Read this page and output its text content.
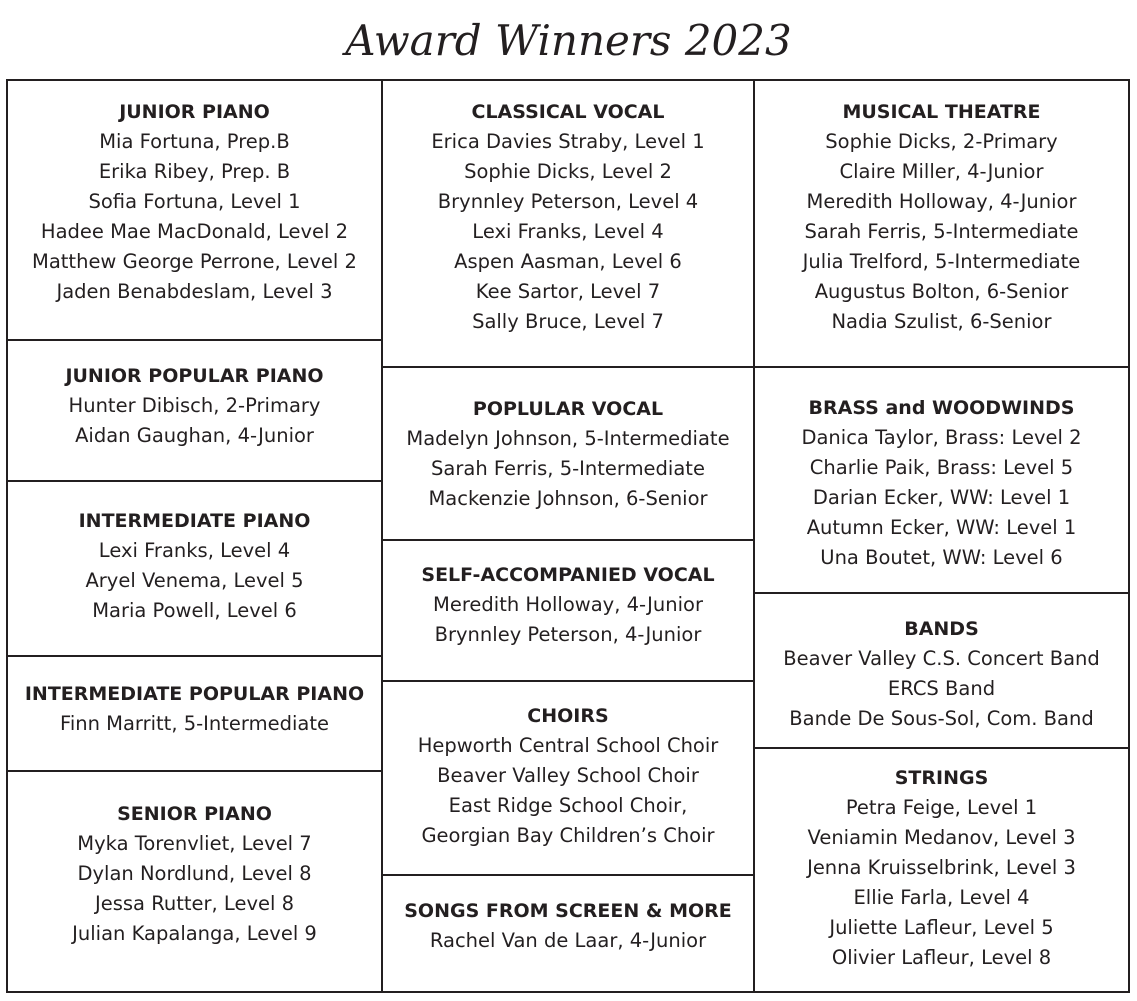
Award Winners 2023
JUNIOR PIANO
Mia Fortuna, Prep.B
Erika Ribey, Prep. B
Sofia Fortuna, Level 1
Hadee Mae MacDonald, Level 2
Matthew George Perrone, Level 2
Jaden Benabdeslam, Level 3
JUNIOR POPULAR PIANO
Hunter Dibisch, 2-Primary
Aidan Gaughan, 4-Junior
INTERMEDIATE PIANO
Lexi Franks, Level 4
Aryel Venema, Level 5
Maria Powell, Level 6
INTERMEDIATE POPULAR PIANO
Finn Marritt, 5-Intermediate
SENIOR PIANO
Myka Torenvliet, Level 7
Dylan Nordlund, Level 8
Jessa Rutter, Level 8
Julian Kapalanga, Level 9
CLASSICAL VOCAL
Erica Davies Straby, Level 1
Sophie Dicks, Level 2
Brynnley Peterson, Level 4
Lexi Franks, Level 4
Aspen Aasman, Level 6
Kee Sartor, Level 7
Sally Bruce, Level 7
POPLULAR VOCAL
Madelyn Johnson, 5-Intermediate
Sarah Ferris, 5-Intermediate
Mackenzie Johnson, 6-Senior
SELF-ACCOMPANIED VOCAL
Meredith Holloway, 4-Junior
Brynnley Peterson, 4-Junior
CHOIRS
Hepworth Central School Choir
Beaver Valley School Choir
East Ridge School Choir,
Georgian Bay Children’s Choir
SONGS FROM SCREEN & MORE
Rachel Van de Laar, 4-Junior
MUSICAL THEATRE
Sophie Dicks, 2-Primary
Claire Miller, 4-Junior
Meredith Holloway, 4-Junior
Sarah Ferris, 5-Intermediate
Julia Trelford, 5-Intermediate
Augustus Bolton, 6-Senior
Nadia Szulist, 6-Senior
BRASS and WOODWINDS
Danica Taylor, Brass: Level 2
Charlie Paik, Brass: Level 5
Darian Ecker, WW: Level 1
Autumn Ecker, WW: Level 1
Una Boutet, WW: Level 6
BANDS
Beaver Valley C.S. Concert Band
ERCS Band
Bande De Sous-Sol, Com. Band
STRINGS
Petra Feige, Level 1
Veniamin Medanov, Level 3
Jenna Kruisselbrink, Level 3
Ellie Farla, Level 4
Juliette Lafleur, Level 5
Olivier Lafleur, Level 8
